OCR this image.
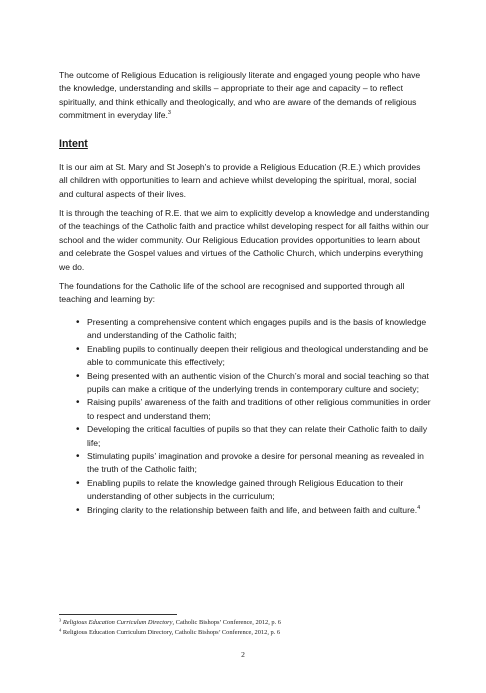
The outcome of Religious Education is religiously literate and engaged young people who have the knowledge, understanding and skills – appropriate to their age and capacity – to reflect spiritually, and think ethically and theologically, and who are aware of the demands of religious commitment in everyday life.$^3$

Intent

It is our aim at St. Mary and St Joseph’s to provide a Religious Education (R.E.) which provides all children with opportunities to learn and achieve whilst developing the spiritual, moral, social and cultural aspects of their lives.

It is through the teaching of R.E. that we aim to explicitly develop a knowledge and understanding of the teachings of the Catholic faith and practice whilst developing respect for all faiths within our school and the wider community. Our Religious Education provides opportunities to learn about and celebrate the Gospel values and virtues of the Catholic Church, which underpins everything we do.

The foundations for the Catholic life of the school are recognised and supported through all teaching and learning by:

• Presenting a comprehensive content which engages pupils and is the basis of knowledge and understanding of the Catholic faith;
• Enabling pupils to continually deepen their religious and theological understanding and be able to communicate this effectively;
• Being presented with an authentic vision of the Church’s moral and social teaching so that pupils can make a critique of the underlying trends in contemporary culture and society;
• Raising pupils’ awareness of the faith and traditions of other religious communities in order to respect and understand them;
• Developing the critical faculties of pupils so that they can relate their Catholic faith to daily life;
• Stimulating pupils’ imagination and provoke a desire for personal meaning as revealed in the truth of the Catholic faith;
• Enabling pupils to relate the knowledge gained through Religious Education to their understanding of other subjects in the curriculum;
• Bringing clarity to the relationship between faith and life, and between faith and culture.$^4$

$^3$ Religious Education Curriculum Directory, Catholic Bishops’ Conference, 2012, p. 6

$^4$ Religious Education Curriculum Directory, Catholic Bishops’ Conference, 2012, p. 6

2
